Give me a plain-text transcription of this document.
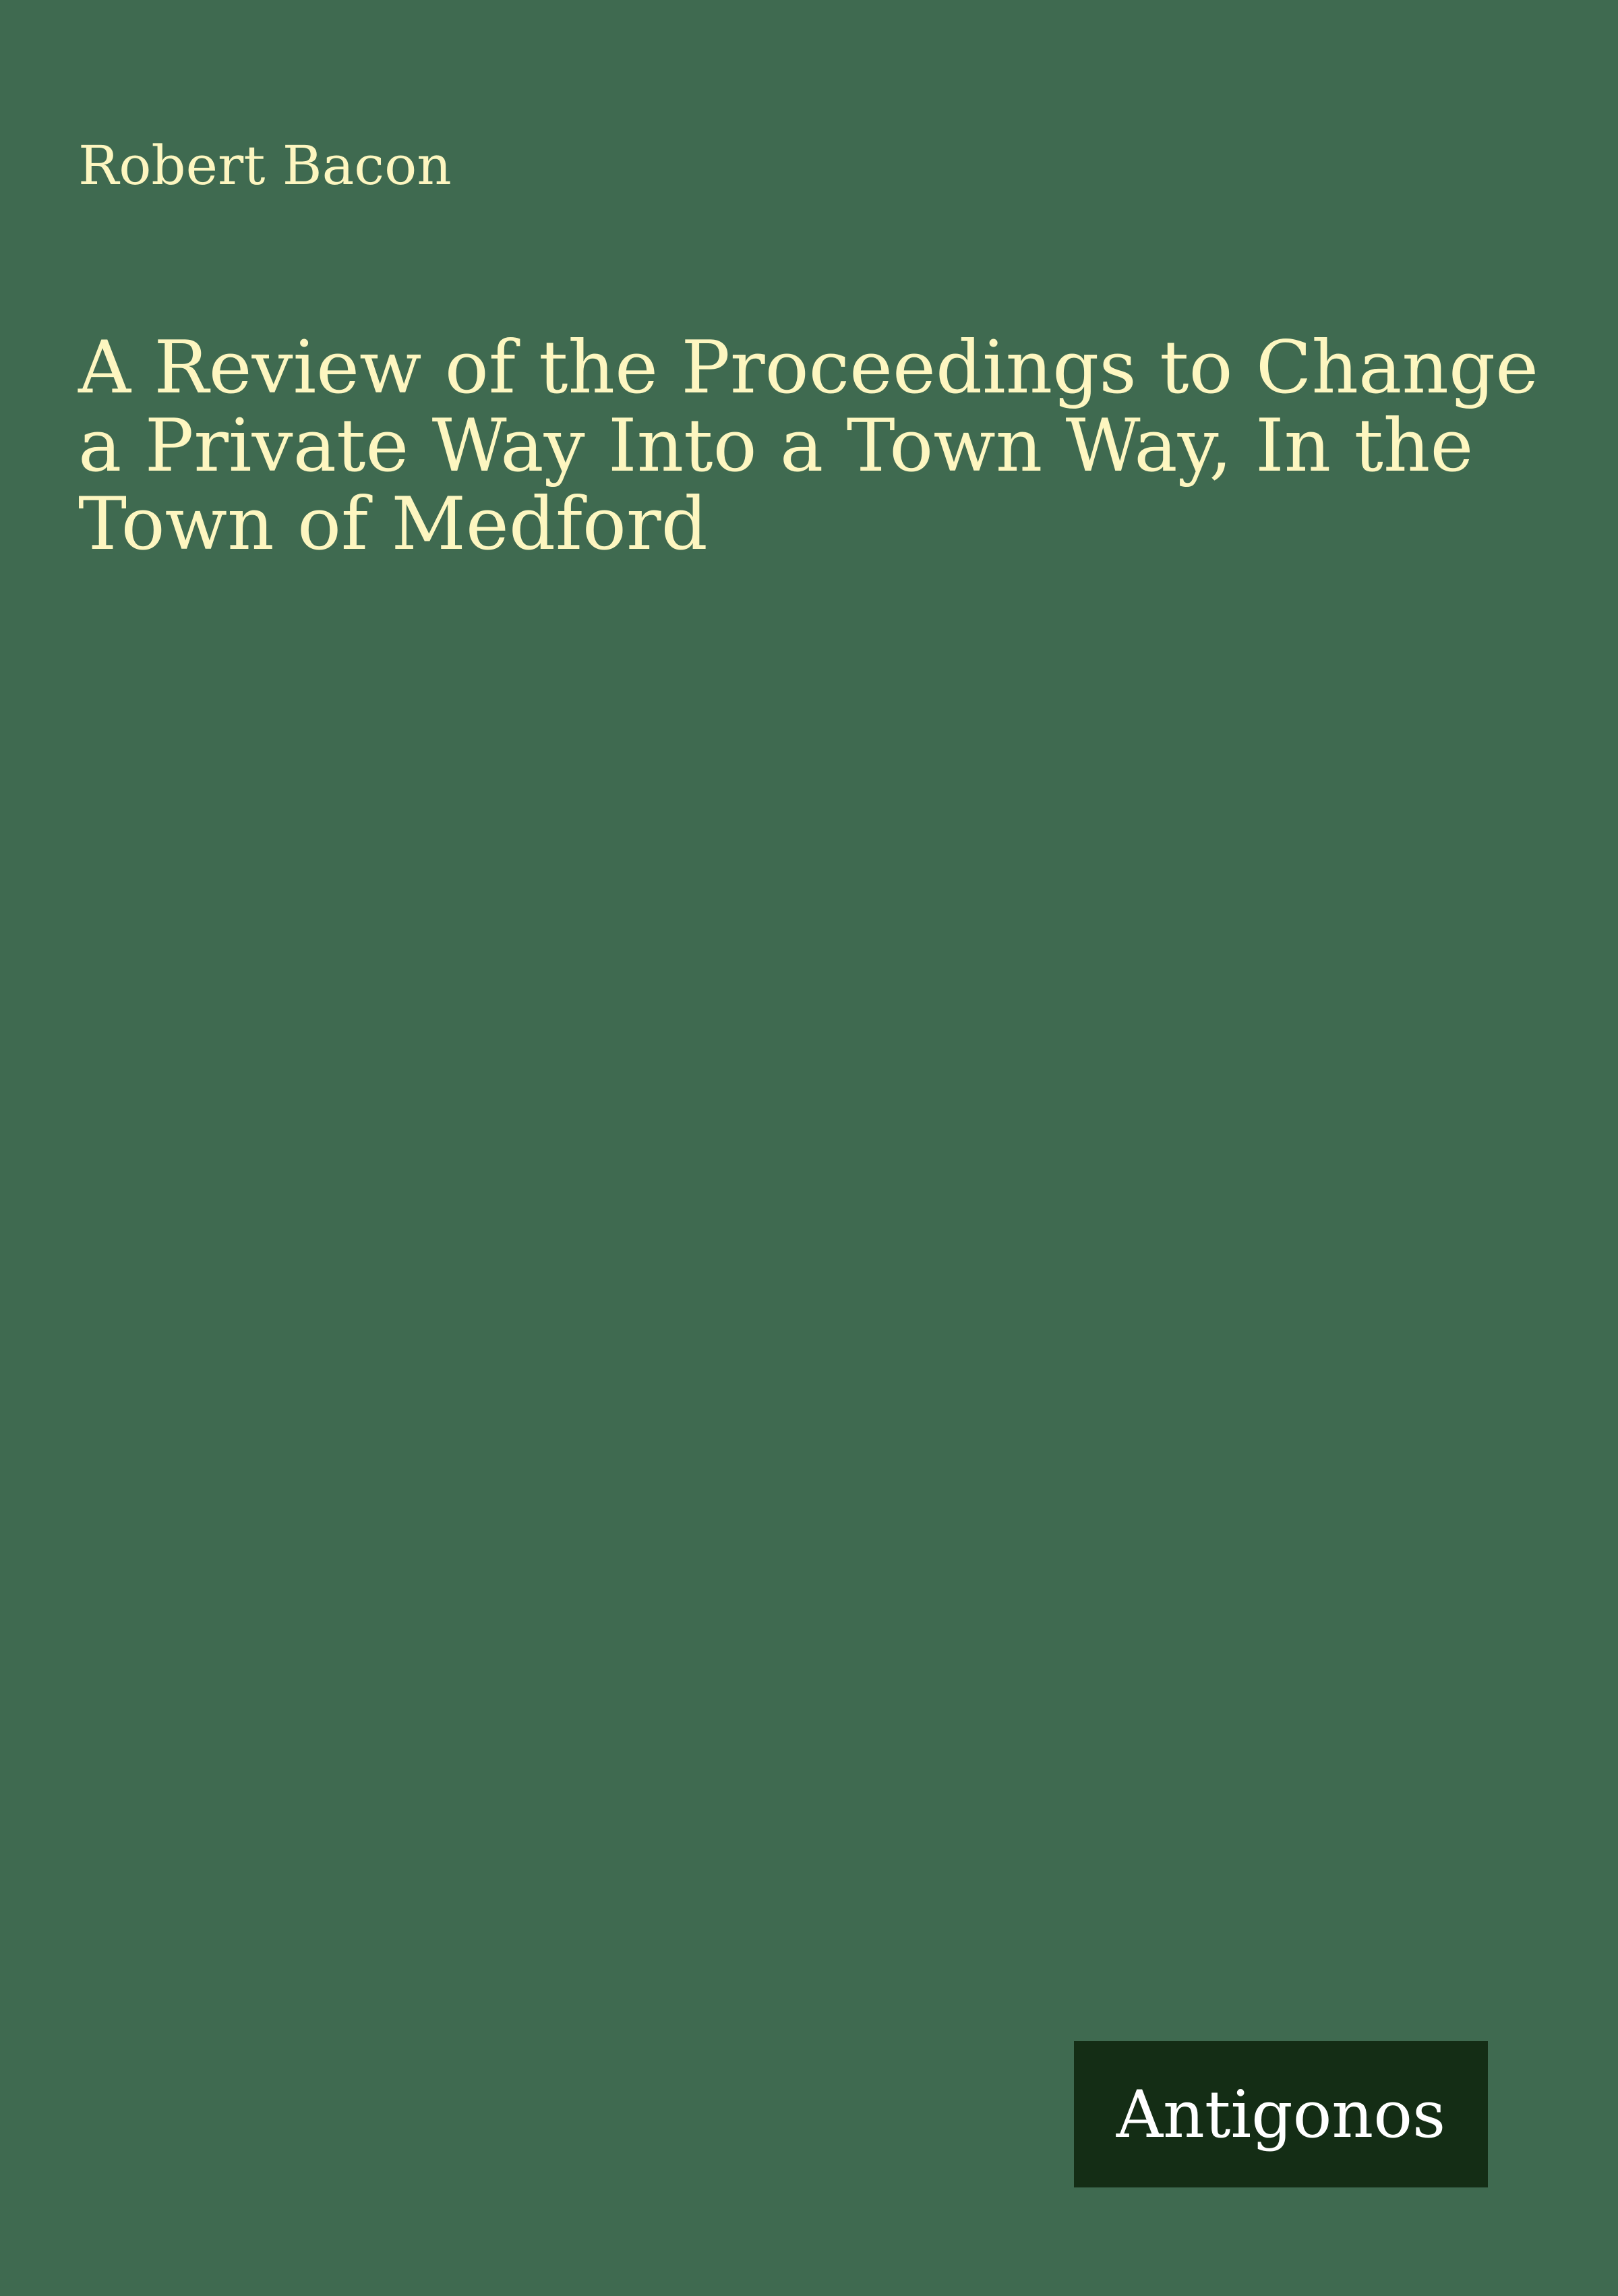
Robert Bacon
A Review of the Proceedings to Change
a Private Way Into a Town Way, In the
Town of Medford
Antigonos
